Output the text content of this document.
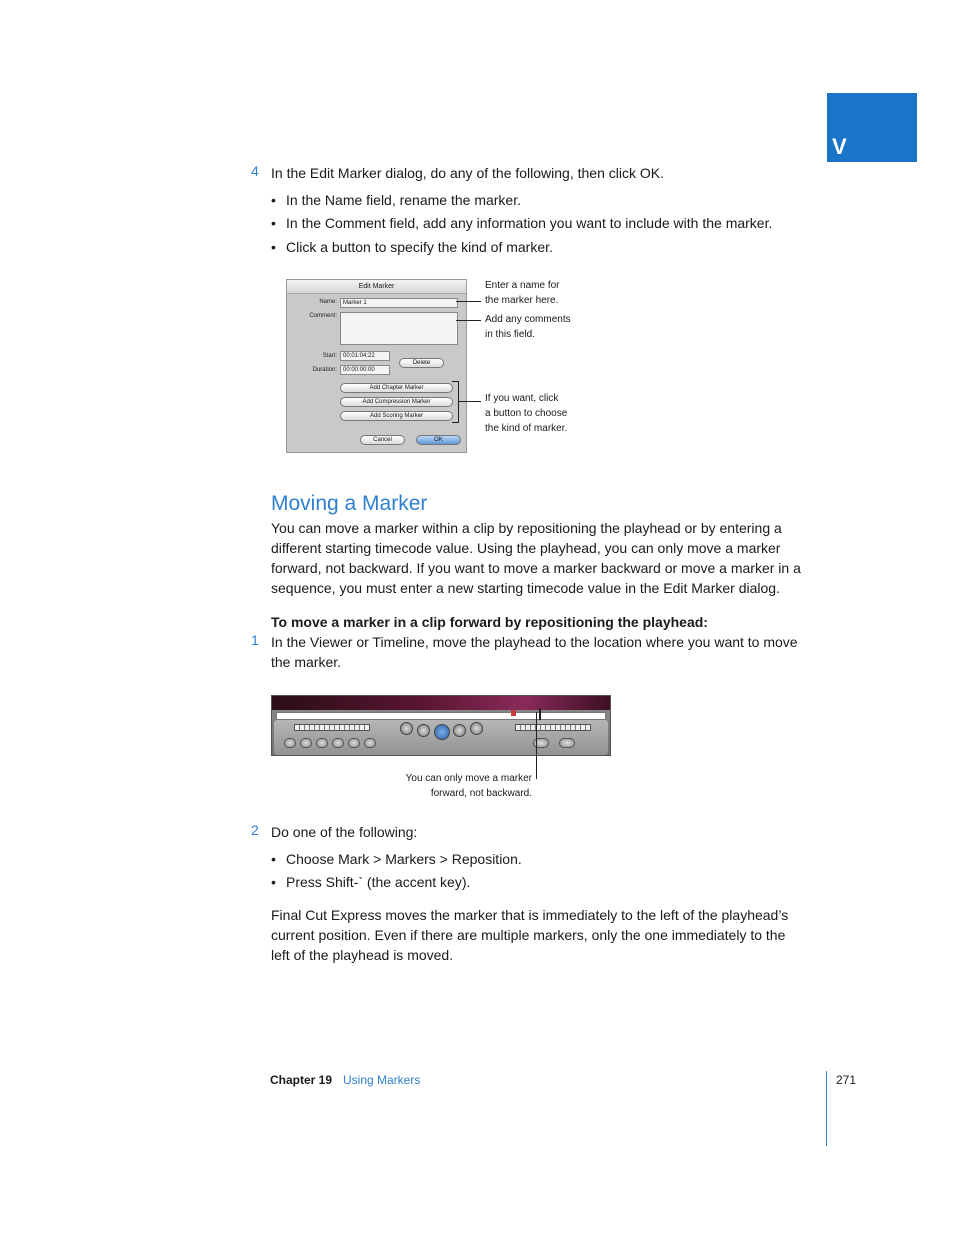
V
4 In the Edit Marker dialog, do any of the following, then click OK.
• In the Name field, rename the marker.
• In the Comment field, add any information you want to include with the marker.
• Click a button to specify the kind of marker.
Edit Marker
Name:	Marker 1
Comment:
Start:	00:01:04:22
Duration:	00:00:00:00
Delete
Add Chapter Marker
Add Compression Marker
Add Scoring Marker
Cancel	OK
Enter a name for
the marker here.
Add any comments
in this field.
If you want, click
a button to choose
the kind of marker.
Moving a Marker
You can move a marker within a clip by repositioning the playhead or by entering a
different starting timecode value. Using the playhead, you can only move a marker
forward, not backward. If you want to move a marker backward or move a marker in a
sequence, you must enter a new starting timecode value in the Edit Marker dialog.
To move a marker in a clip forward by repositioning the playhead:
1 In the Viewer or Timeline, move the playhead to the location where you want to move
the marker.
You can only move a marker
forward, not backward.
2 Do one of the following:
• Choose Mark > Markers > Reposition.
• Press Shift-` (the accent key).
Final Cut Express moves the marker that is immediately to the left of the playhead’s
current position. Even if there are multiple markers, only the one immediately to the
left of the playhead is moved.
Chapter 19 Using Markers	271
